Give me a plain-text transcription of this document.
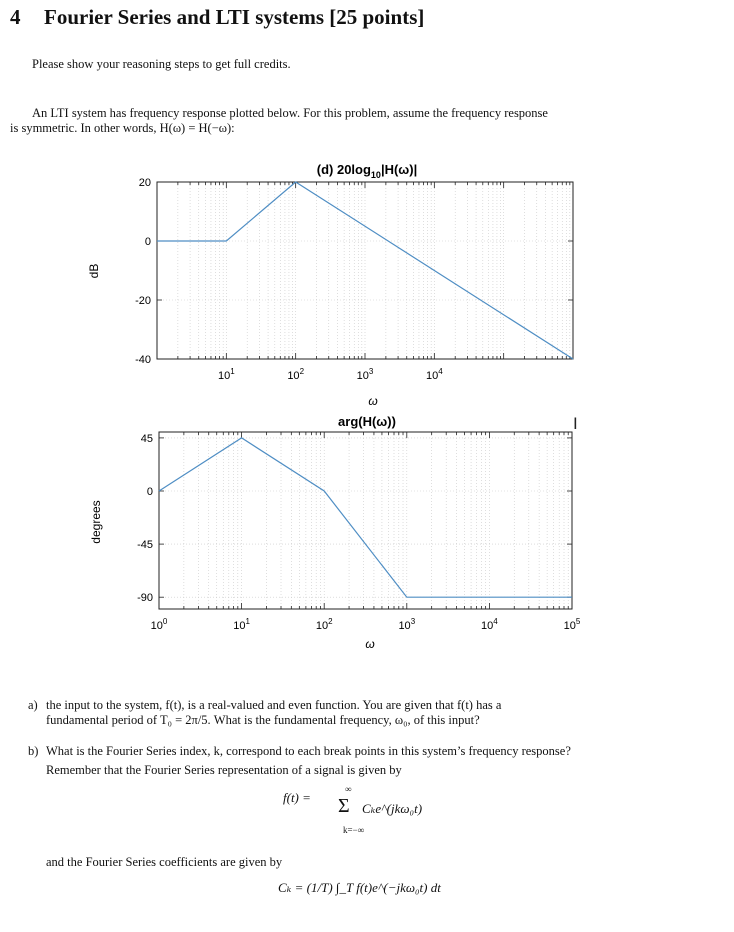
4 Fourier Series and LTI systems [25 points]
Please show your reasoning steps to get full credits.
An LTI system has frequency response plotted below. For this problem, assume the frequency response
is symmetric. In other words, H(ω) = H(−ω):
(d) $20\log_{10}|H(\omega)|$
-40
-20
0
20
$10^1$	$10^2$	$10^3$	$10^4$
dB
ω
arg(H(ω))
-90
-45
0
45
$10^0$	$10^1$	$10^2$	$10^3$	$10^4$	$10^5$
degrees
ω
I
a) the input to the system, f(t), is a real-valued and even function. You are given that f(t) has a
fundamental period of T₀ = 2π/5. What is the fundamental frequency, ω₀, of this input?
b) What is the Fourier Series index, k, correspond to each break points in this system’s frequency response?
Remember that the Fourier Series representation of a signal is given by
f(t) =
∞
Σ
k=−∞
Cₖe^(jkω₀t)
and the Fourier Series coefficients are given by
Cₖ = (1/T) ∫_T f(t)e^(−jkω₀t) dt
